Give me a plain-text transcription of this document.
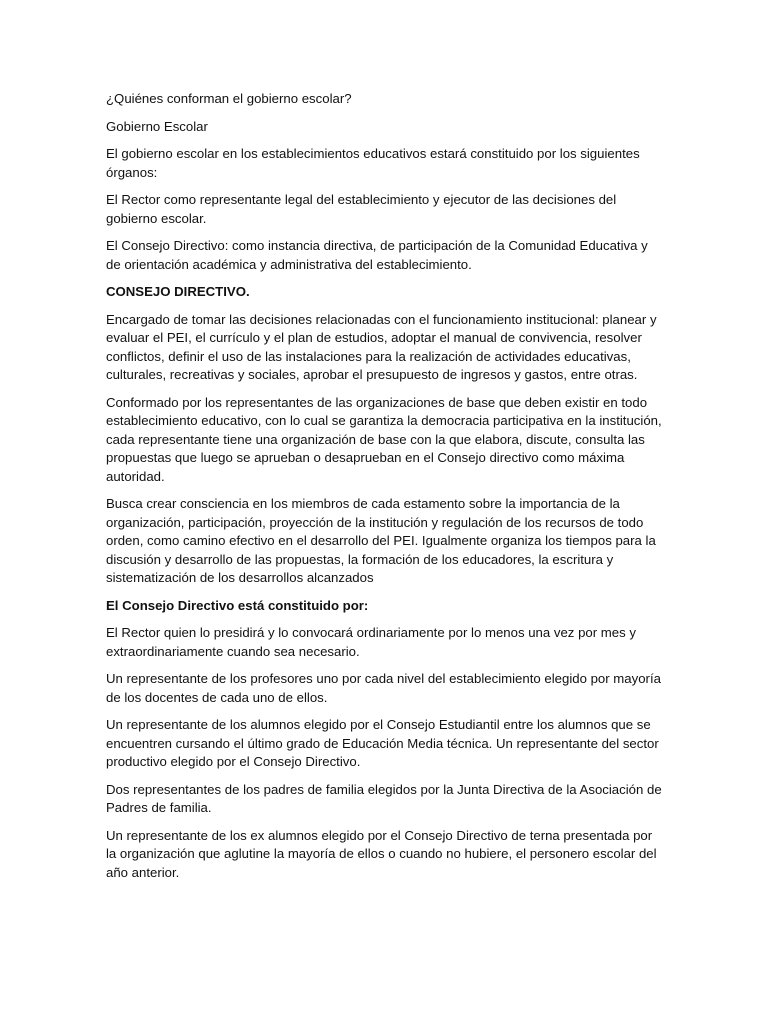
¿Quiénes conforman el gobierno escolar?

Gobierno Escolar

El gobierno escolar en los establecimientos educativos estará constituido por los siguientes órganos:

El Rector como representante legal del establecimiento y ejecutor de las decisiones del gobierno escolar.

El Consejo Directivo: como instancia directiva, de participación de la Comunidad Educativa y de orientación académica y administrativa del establecimiento.

CONSEJO DIRECTIVO.

Encargado de tomar las decisiones relacionadas con el funcionamiento institucional: planear y evaluar el PEI, el currículo y el plan de estudios, adoptar el manual de convivencia, resolver conflictos, definir el uso de las instalaciones para la realización de actividades educativas, culturales, recreativas y sociales, aprobar el presupuesto de ingresos y gastos, entre otras.

Conformado por los representantes de las organizaciones de base que deben existir en todo establecimiento educativo, con lo cual se garantiza la democracia participativa en la institución, cada representante tiene una organización de base con la que elabora, discute, consulta las propuestas que luego se aprueban o desaprueban en el Consejo directivo como máxima autoridad.

Busca crear consciencia en los miembros de cada estamento sobre la importancia de la organización, participación, proyección de la institución y regulación de los recursos de todo orden, como camino efectivo en el desarrollo del PEI. Igualmente organiza los tiempos para la discusión y desarrollo de las propuestas, la formación de los educadores, la escritura y sistematización de los desarrollos alcanzados

El Consejo Directivo está constituido por:

El Rector quien lo presidirá y lo convocará ordinariamente por lo menos una vez por mes y extraordinariamente cuando sea necesario.

Un representante de los profesores uno por cada nivel del establecimiento elegido por mayoría de los docentes de cada uno de ellos.

Un representante de los alumnos elegido por el Consejo Estudiantil entre los alumnos que se encuentren cursando el último grado de Educación Media técnica. Un representante del sector productivo elegido por el Consejo Directivo.

Dos representantes de los padres de familia elegidos por la Junta Directiva de la Asociación de Padres de familia.

Un representante de los ex alumnos elegido por el Consejo Directivo de terna presentada por la organización que aglutine la mayoría de ellos o cuando no hubiere, el personero escolar del año anterior.
